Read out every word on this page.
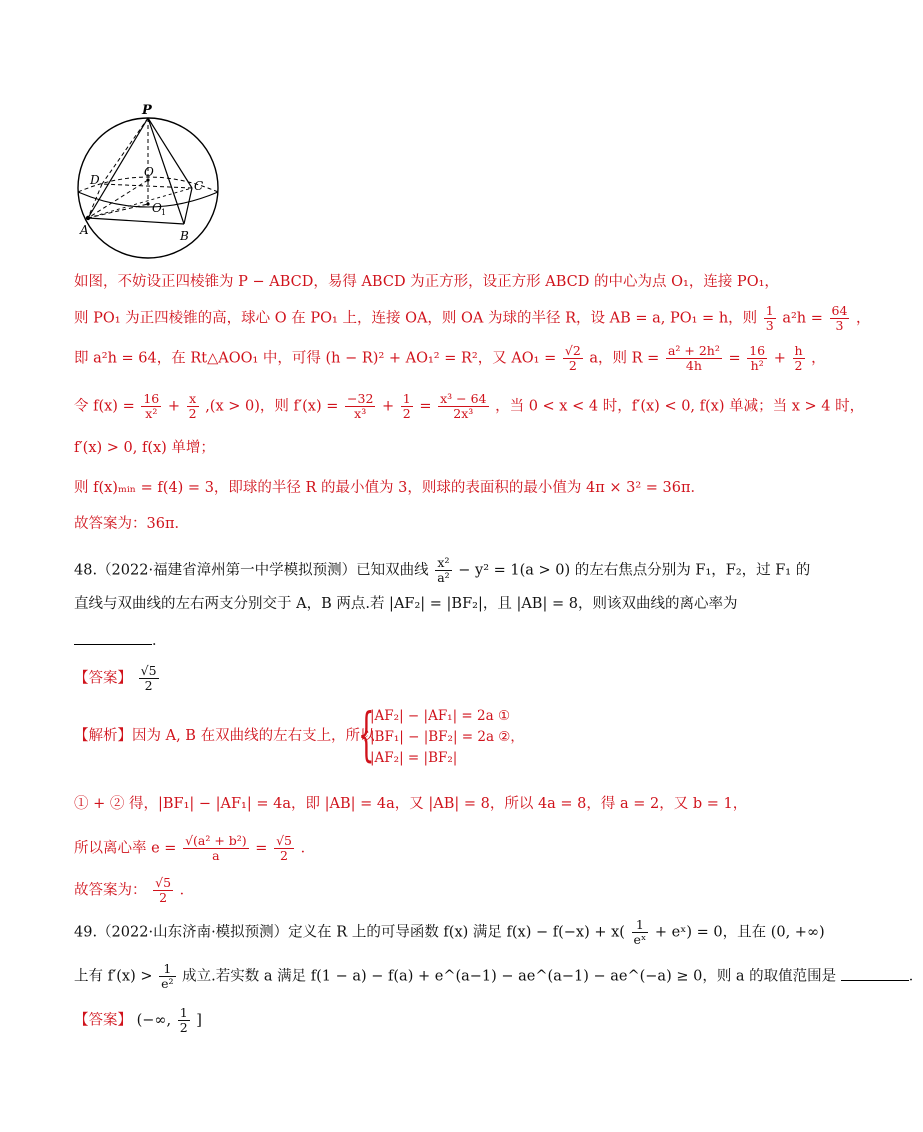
P
O
O 1
A	B
C
D
如图，不妨设正四棱锥为 P − ABCD，易得 ABCD 为正方形，设正方形 ABCD 的中心为点 O₁，连接 PO₁，
则 PO₁ 为正四棱锥的高，球心 O 在 PO₁ 上，连接 OA，则 OA 为球的半径 R，设 AB = a, PO₁ = h，则 $\frac{1}{3} a^2h = \frac{64}{3}$ ，
即 a²h = 64，在 Rt△AOO₁ 中，可得 (h − R)² + AO₁² = R²，又 $AO_1 = \frac{√2}{2}$ a，则 $R = \frac{\text{a² + 2h²}}{4h} = \frac{16}{\text{h²}} + \frac{h}{2}$ ，
令 $f(x) = \frac{16}{\text{x²}} + \frac{x}{2} ,(x > 0)$，则 $f'(x) = \frac{-32}{\text{x³}} + \frac{1}{2} = \frac{\text{x³ − 64}}{\text{2x³}}$ ，当 0 < x < 4 时，f′(x) < 0, f(x) 单减；当 x > 4 时，
f′(x) > 0, f(x) 单增；
则 f(x)ₘᵢₙ = f(4) = 3，即球的半径 R 的最小值为 3，则球的表面积的最小值为 4π × 3² = 36π．
故答案为：36π．
48.（2022·福建省漳州第一中学模拟预测）已知双曲线 $\frac{\text{x²}}{\text{a²}} - y^2 = 1(a > 0)$ 的左右焦点分别为 F₁，F₂，过 F₁ 的
直线与双曲线的左右两支分别交于 A，B 两点.若 |AF₂| = |BF₂|，且 |AB| = 8，则该双曲线的离心率为
．
【答案】 $\frac{√5}{2}$
【解析】因为 A, B 在双曲线的左右支上，所以
{
|AF₂| − |AF₁| = 2a ①
|BF₁| − |BF₂| = 2a ②，
|AF₂| = |BF₂|
① + ② 得，|BF₁| − |AF₁| = 4a，即 |AB| = 4a，又 |AB| = 8，所以 4a = 8，得 a = 2，又 b = 1，
所以离心率 $e = \frac{\text{√(a² + b²)}}{a} = \frac{√5}{2}$ ．
故答案为： $\frac{√5}{2}$ ．
49.（2022·山东济南·模拟预测）定义在 R 上的可导函数 f(x) 满足 $f(x) - f(-x) + x( \frac{1}{\text{eˣ}}$ + eˣ) = 0，且在 (0, +∞)
上有 $f'(x) > \frac{1}{\text{e²}}$ 成立.若实数 a 满足 f(1 − a) − f(a) + e^(a−1) − ae^(a−1) − ae^(−a) ≥ 0，则 a 的取值范围是	．
【答案】 (−∞, $\frac{1}{2}$ ]
